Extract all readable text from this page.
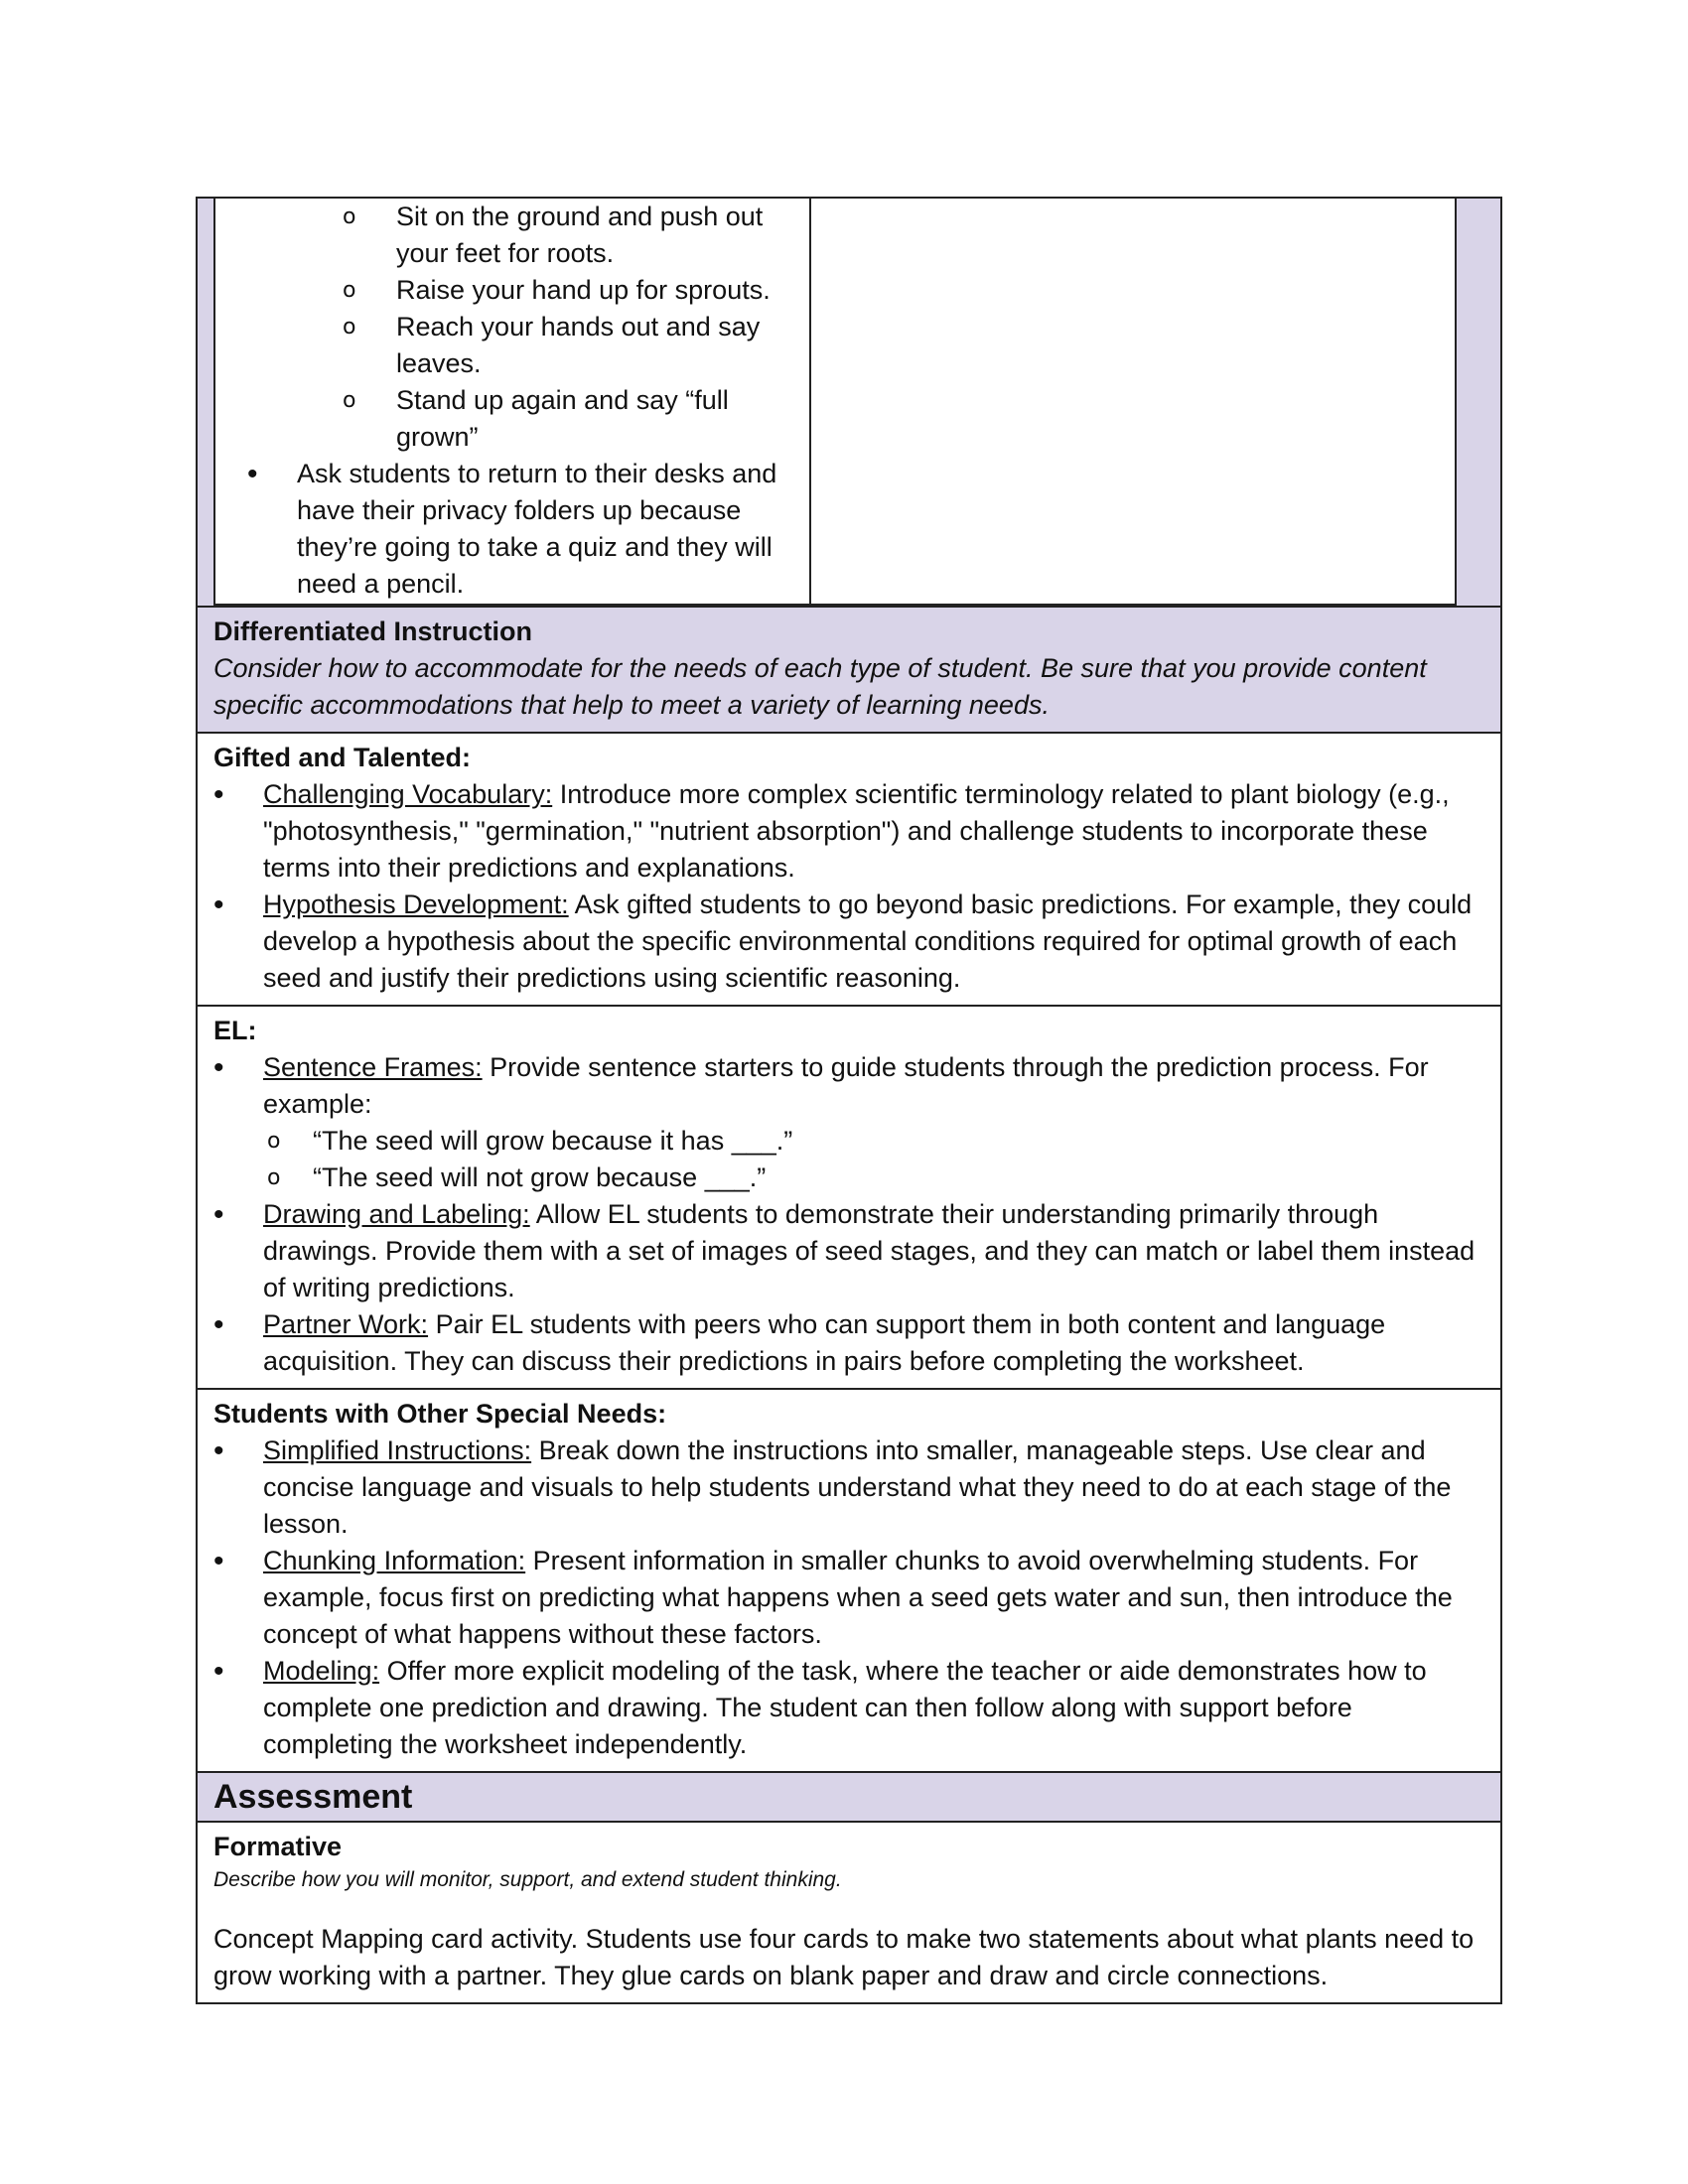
o Sit on the ground and push out your feet for roots.
o Raise your hand up for sprouts.
o Reach your hands out and say leaves.
o Stand up again and say “full grown”
• Ask students to return to their desks and have their privacy folders up because they’re going to take a quiz and they will need a pencil.
Differentiated Instruction
Consider how to accommodate for the needs of each type of student. Be sure that you provide content specific accommodations that help to meet a variety of learning needs.
Gifted and Talented:
• Challenging Vocabulary: Introduce more complex scientific terminology related to plant biology (e.g., "photosynthesis," "germination," "nutrient absorption") and challenge students to incorporate these terms into their predictions and explanations.
• Hypothesis Development: Ask gifted students to go beyond basic predictions. For example, they could develop a hypothesis about the specific environmental conditions required for optimal growth of each seed and justify their predictions using scientific reasoning.
EL:
• Sentence Frames: Provide sentence starters to guide students through the prediction process. For example:
o “The seed will grow because it has ___.”
o “The seed will not grow because ___.”
• Drawing and Labeling: Allow EL students to demonstrate their understanding primarily through drawings. Provide them with a set of images of seed stages, and they can match or label them instead of writing predictions.
• Partner Work: Pair EL students with peers who can support them in both content and language acquisition. They can discuss their predictions in pairs before completing the worksheet.
Students with Other Special Needs:
• Simplified Instructions: Break down the instructions into smaller, manageable steps. Use clear and concise language and visuals to help students understand what they need to do at each stage of the lesson.
• Chunking Information: Present information in smaller chunks to avoid overwhelming students. For example, focus first on predicting what happens when a seed gets water and sun, then introduce the concept of what happens without these factors.
• Modeling: Offer more explicit modeling of the task, where the teacher or aide demonstrates how to complete one prediction and drawing. The student can then follow along with support before completing the worksheet independently.
Assessment
Formative
Describe how you will monitor, support, and extend student thinking.
Concept Mapping card activity. Students use four cards to make two statements about what plants need to grow working with a partner. They glue cards on blank paper and draw and circle connections.
